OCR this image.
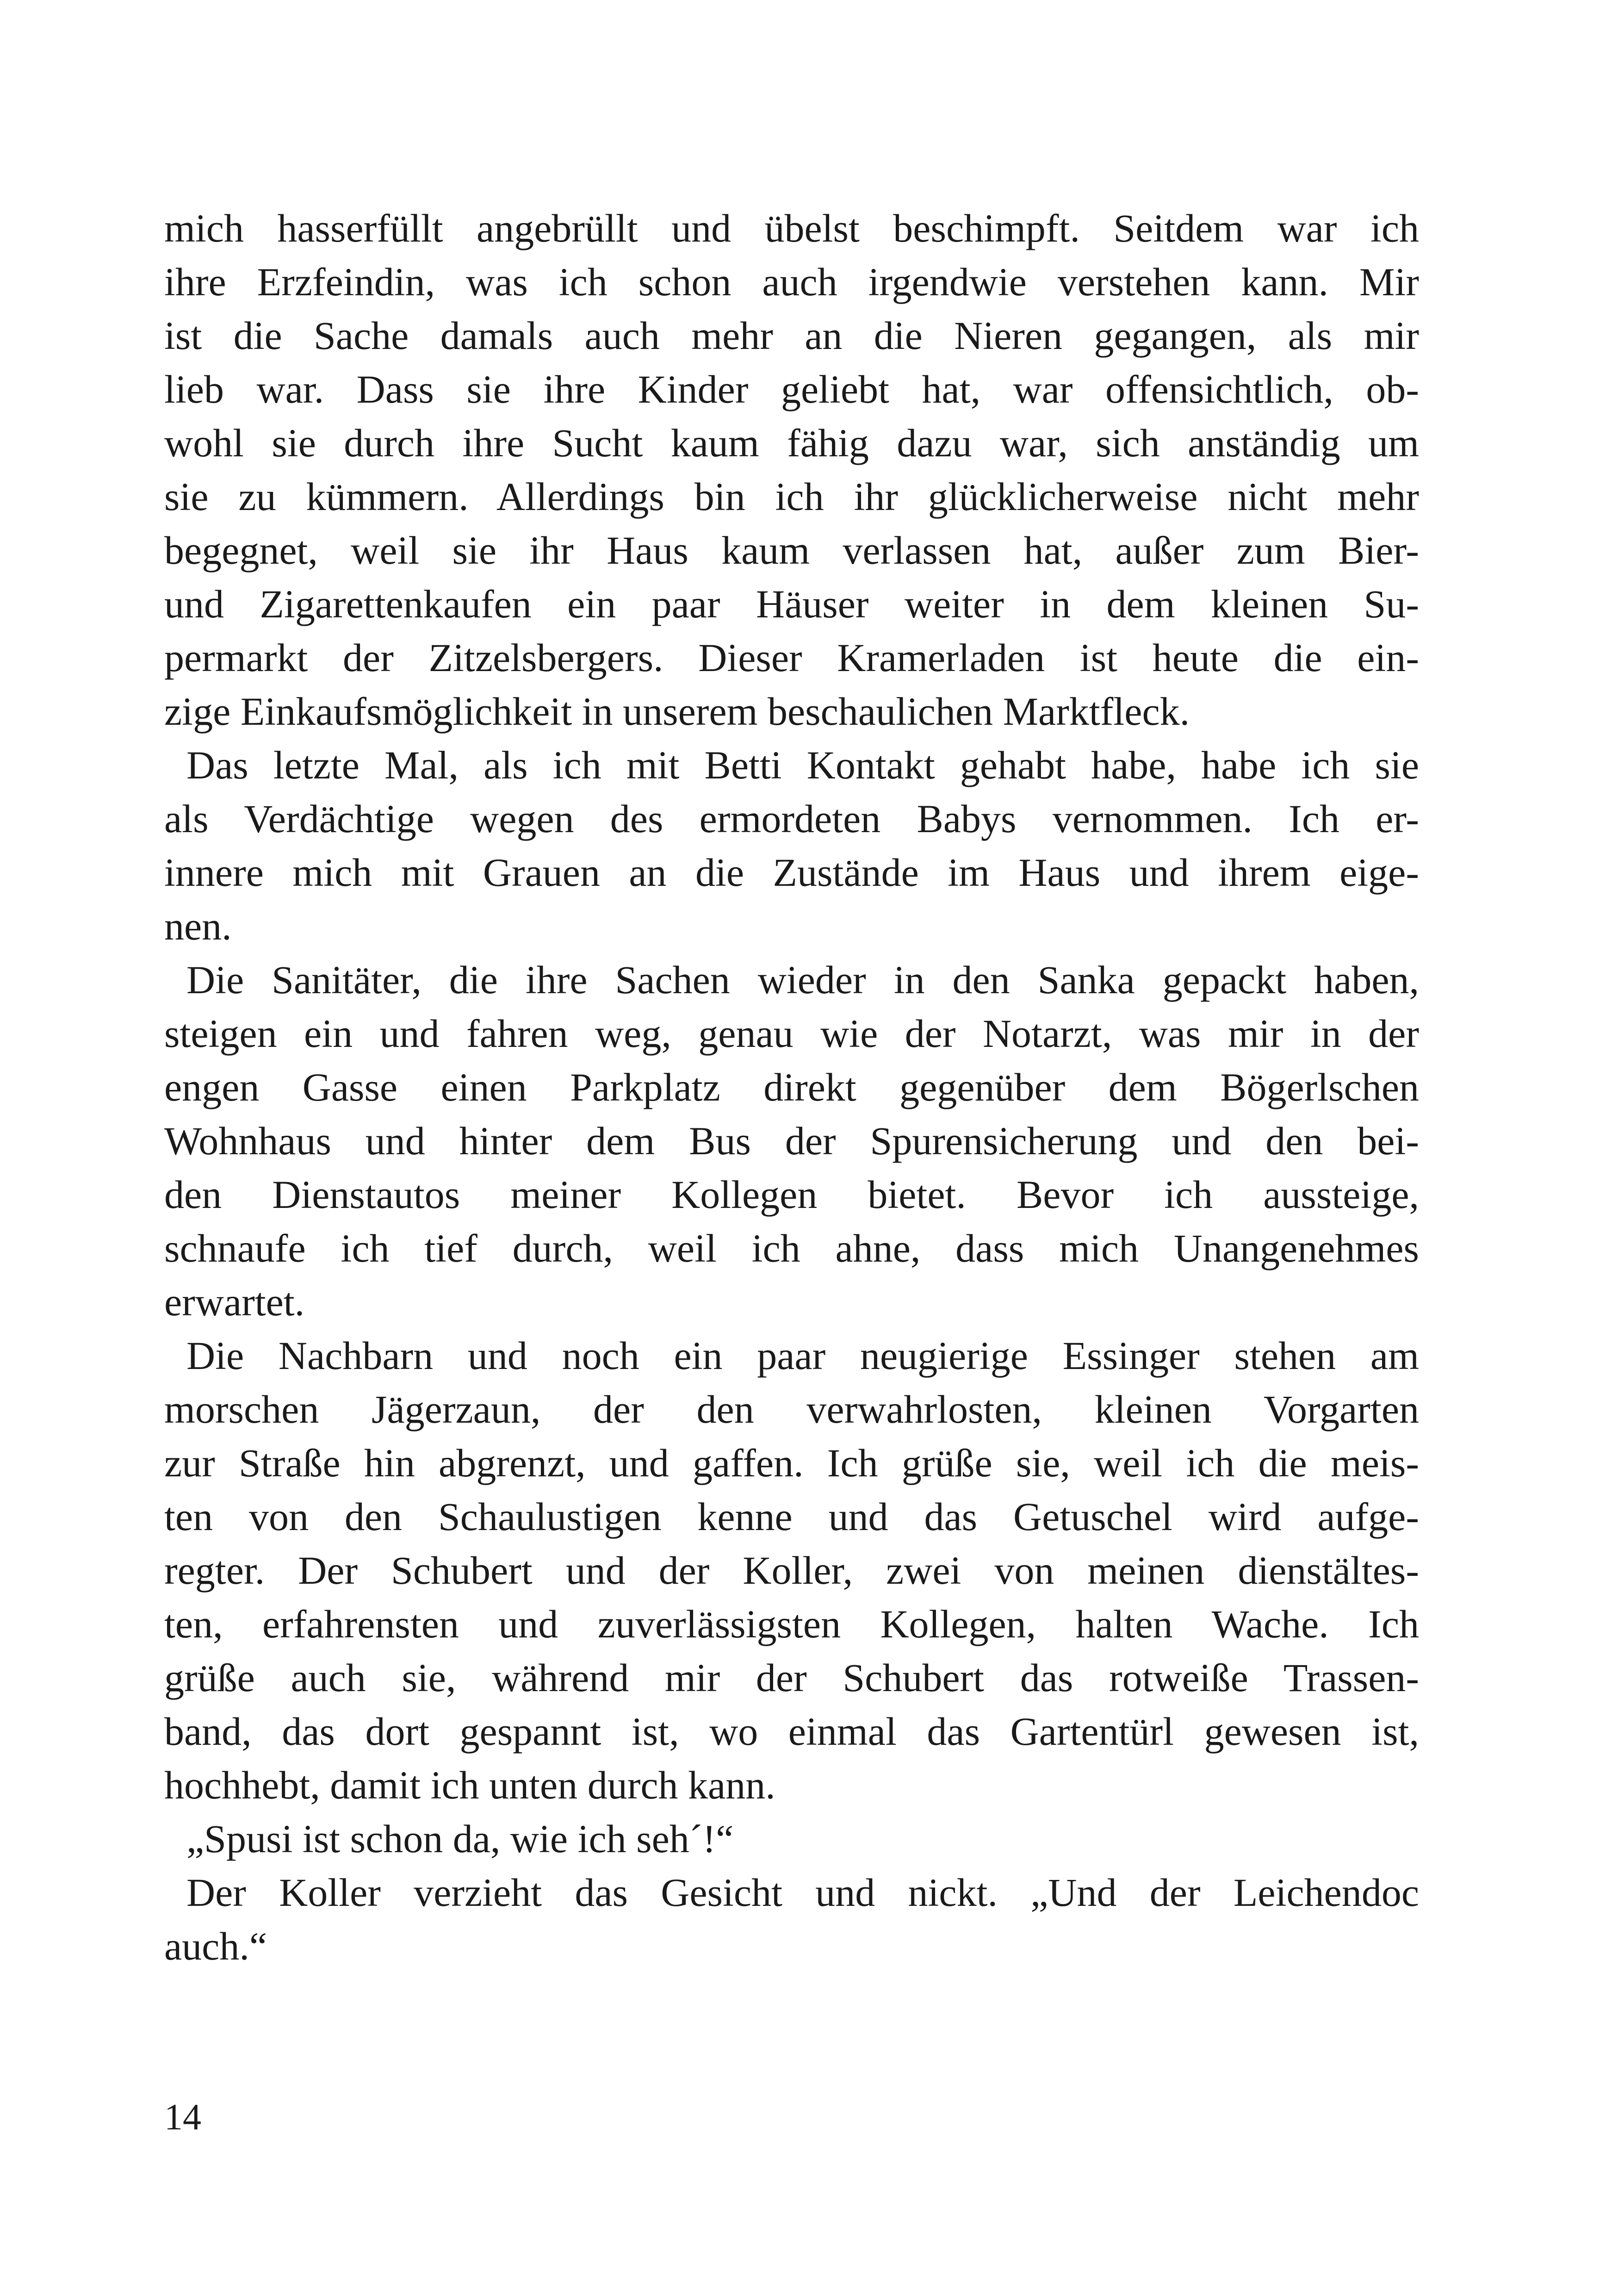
mich hasserfüllt angebrüllt und übelst beschimpft. Seitdem war ich
ihre Erzfeindin, was ich schon auch irgendwie verstehen kann. Mir
ist die Sache damals auch mehr an die Nieren gegangen, als mir
lieb war. Dass sie ihre Kinder geliebt hat, war offensichtlich, ob-
wohl sie durch ihre Sucht kaum fähig dazu war, sich anständig um
sie zu kümmern. Allerdings bin ich ihr glücklicherweise nicht mehr
begegnet, weil sie ihr Haus kaum verlassen hat, außer zum Bier-
und Zigarettenkaufen ein paar Häuser weiter in dem kleinen Su-
permarkt der Zitzelsbergers. Dieser Kramerladen ist heute die ein-
zige Einkaufsmöglichkeit in unserem beschaulichen Marktfleck.
Das letzte Mal, als ich mit Betti Kontakt gehabt habe, habe ich sie
als Verdächtige wegen des ermordeten Babys vernommen. Ich er-
innere mich mit Grauen an die Zustände im Haus und ihrem eige-
nen.
Die Sanitäter, die ihre Sachen wieder in den Sanka gepackt haben,
steigen ein und fahren weg, genau wie der Notarzt, was mir in der
engen Gasse einen Parkplatz direkt gegenüber dem Bögerlschen
Wohnhaus und hinter dem Bus der Spurensicherung und den bei-
den Dienstautos meiner Kollegen bietet. Bevor ich aussteige,
schnaufe ich tief durch, weil ich ahne, dass mich Unangenehmes
erwartet.
Die Nachbarn und noch ein paar neugierige Essinger stehen am
morschen Jägerzaun, der den verwahrlosten, kleinen Vorgarten
zur Straße hin abgrenzt, und gaffen. Ich grüße sie, weil ich die meis-
ten von den Schaulustigen kenne und das Getuschel wird aufge-
regter. Der Schubert und der Koller, zwei von meinen dienstältes-
ten, erfahrensten und zuverlässigsten Kollegen, halten Wache. Ich
grüße auch sie, während mir der Schubert das rotweiße Trassen-
band, das dort gespannt ist, wo einmal das Gartentürl gewesen ist,
hochhebt, damit ich unten durch kann.
„Spusi ist schon da, wie ich seh´!“
Der Koller verzieht das Gesicht und nickt. „Und der Leichendoc
auch.“
14
